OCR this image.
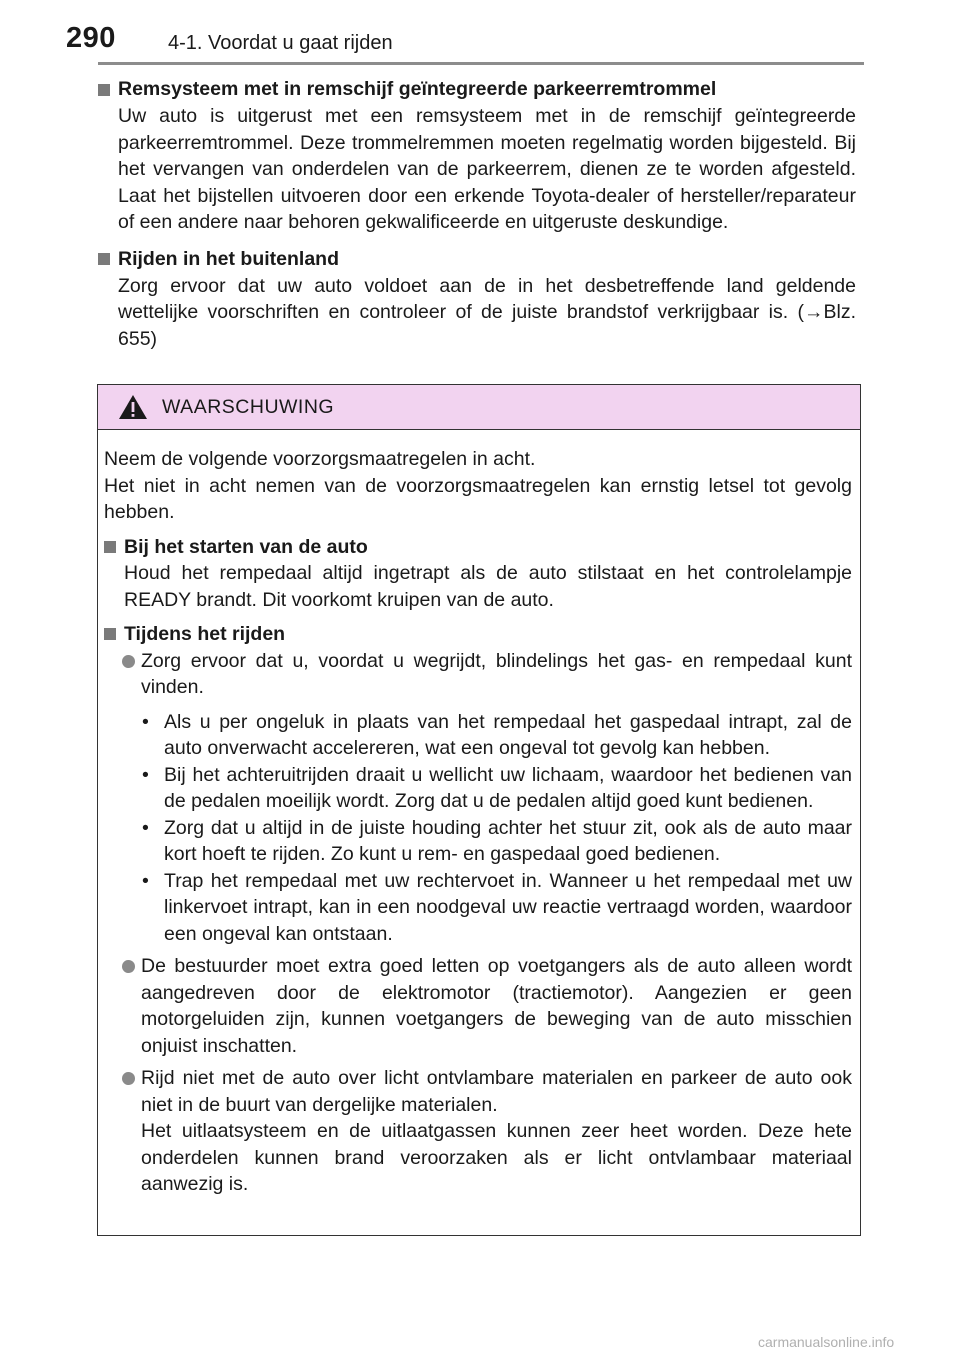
290	4-1. Voordat u gaat rijden
Remsysteem met in remschijf geïntegreerde parkeerremtrommel
Uw auto is uitgerust met een remsysteem met in de remschijf geïntegreerde parkeerremtrommel. Deze trommelremmen moeten regelmatig worden bijgesteld. Bij het vervangen van onderdelen van de parkeerrem, dienen ze te worden afgesteld. Laat het bijstellen uitvoeren door een erkende Toyota-dealer of hersteller/reparateur of een andere naar behoren gekwalificeerde en uitgeruste deskundige.
Rijden in het buitenland
Zorg ervoor dat uw auto voldoet aan de in het desbetreffende land geldende wettelijke voorschriften en controleer of de juiste brandstof verkrijgbaar is. (→Blz. 655)
WAARSCHUWING
Neem de volgende voorzorgsmaatregelen in acht.
Het niet in acht nemen van de voorzorgsmaatregelen kan ernstig letsel tot gevolg hebben.
Bij het starten van de auto
Houd het rempedaal altijd ingetrapt als de auto stilstaat en het controlelampje READY brandt. Dit voorkomt kruipen van de auto.
Tijdens het rijden
Zorg ervoor dat u, voordat u wegrijdt, blindelings het gas- en rempedaal kunt vinden.
• Als u per ongeluk in plaats van het rempedaal het gaspedaal intrapt, zal de auto onverwacht accelereren, wat een ongeval tot gevolg kan hebben.
• Bij het achteruitrijden draait u wellicht uw lichaam, waardoor het bedienen van de pedalen moeilijk wordt. Zorg dat u de pedalen altijd goed kunt bedienen.
• Zorg dat u altijd in de juiste houding achter het stuur zit, ook als de auto maar kort hoeft te rijden. Zo kunt u rem- en gaspedaal goed bedienen.
• Trap het rempedaal met uw rechtervoet in. Wanneer u het rempedaal met uw linkervoet intrapt, kan in een noodgeval uw reactie vertraagd worden, waardoor een ongeval kan ontstaan.
De bestuurder moet extra goed letten op voetgangers als de auto alleen wordt aangedreven door de elektromotor (tractiemotor). Aangezien er geen motorgeluiden zijn, kunnen voetgangers de beweging van de auto misschien onjuist inschatten.
Rijd niet met de auto over licht ontvlambare materialen en parkeer de auto ook niet in de buurt van dergelijke materialen.
Het uitlaatsysteem en de uitlaatgassen kunnen zeer heet worden. Deze hete onderdelen kunnen brand veroorzaken als er licht ontvlambaar materiaal aanwezig is.
carmanualsonline.info
